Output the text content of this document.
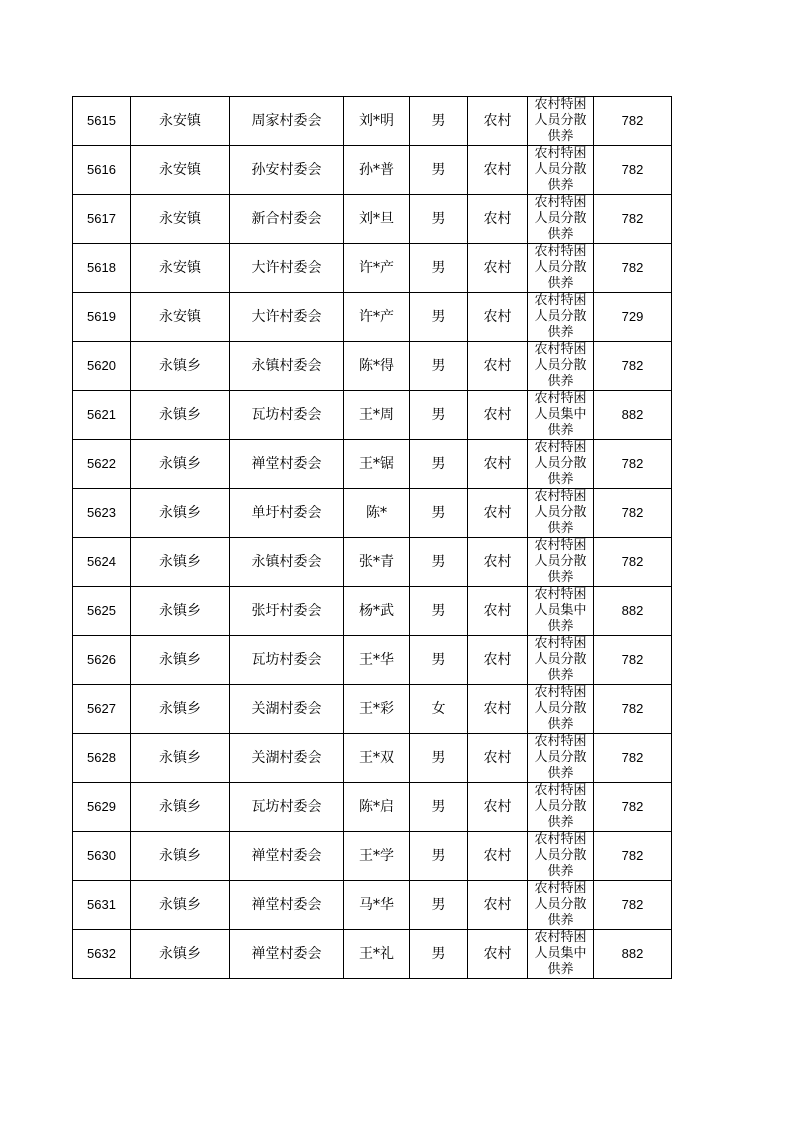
5615	永安镇	周家村委会	刘*明	男	农村	农村特困人员分散供养	782
5616	永安镇	孙安村委会	孙*普	男	农村	农村特困人员分散供养	782
5617	永安镇	新合村委会	刘*旦	男	农村	农村特困人员分散供养	782
5618	永安镇	大许村委会	许*产	男	农村	农村特困人员分散供养	782
5619	永安镇	大许村委会	许*产	男	农村	农村特困人员分散供养	729
5620	永镇乡	永镇村委会	陈*得	男	农村	农村特困人员分散供养	782
5621	永镇乡	瓦坊村委会	王*周	男	农村	农村特困人员集中供养	882
5622	永镇乡	禅堂村委会	王*锯	男	农村	农村特困人员分散供养	782
5623	永镇乡	单圩村委会	陈*	男	农村	农村特困人员分散供养	782
5624	永镇乡	永镇村委会	张*青	男	农村	农村特困人员分散供养	782
5625	永镇乡	张圩村委会	杨*武	男	农村	农村特困人员集中供养	882
5626	永镇乡	瓦坊村委会	王*华	男	农村	农村特困人员分散供养	782
5627	永镇乡	关湖村委会	王*彩	女	农村	农村特困人员分散供养	782
5628	永镇乡	关湖村委会	王*双	男	农村	农村特困人员分散供养	782
5629	永镇乡	瓦坊村委会	陈*启	男	农村	农村特困人员分散供养	782
5630	永镇乡	禅堂村委会	王*学	男	农村	农村特困人员分散供养	782
5631	永镇乡	禅堂村委会	马*华	男	农村	农村特困人员分散供养	782
5632	永镇乡	禅堂村委会	王*礼	男	农村	农村特困人员集中供养	882
